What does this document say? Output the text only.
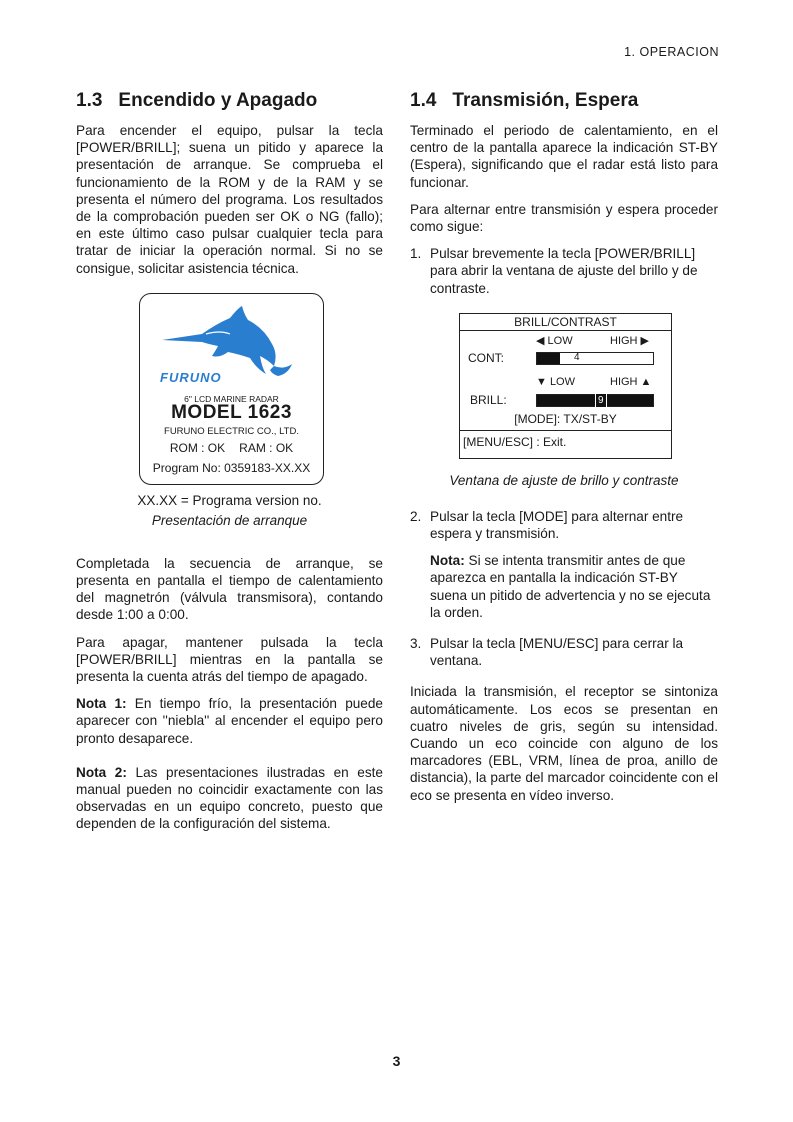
1. OPERACION
1.3 Encendido y Apagado

Para encender el equipo, pulsar la tecla [POWER/BRILL]; suena un pitido y aparece la presentación de arranque. Se comprueba el funcionamiento de la ROM y de la RAM y se presenta el número del programa. Los resultados de la comprobación pueden ser OK o NG (fallo); en este último caso pulsar cualquier tecla para tratar de iniciar la operación normal. Si no se consigue, solicitar asistencia técnica.

FURUNO
6" LCD MARINE RADAR
MODEL 1623
FURUNO ELECTRIC CO., LTD.
ROM : OK RAM : OK
Program No: 0359183-XX.XX
XX.XX = Programa version no.
Presentación de arranque

Completada la secuencia de arranque, se presenta en pantalla el tiempo de calentamiento del magnetrón (válvula transmisora), contando desde 1:00 a 0:00.

Para apagar, mantener pulsada la tecla [POWER/BRILL] mientras en la pantalla se presenta la cuenta atrás del tiempo de apagado.

Nota 1: En tiempo frío, la presentación puede aparecer con ''niebla'' al encender el equipo pero pronto desaparece.

Nota 2: Las presentaciones ilustradas en este manual pueden no coincidir exactamente con las observadas en un equipo concreto, puesto que dependen de la configuración del sistema.

1.4 Transmisión, Espera

Terminado el periodo de calentamiento, en el centro de la pantalla aparece la indicación ST-BY (Espera), significando que el radar está listo para funcionar.

Para alternar entre transmisión y espera proceder como sigue:

1. Pulsar brevemente la tecla [POWER/BRILL] para abrir la ventana de ajuste del brillo y de contraste.
BRILL/CONTRAST
◀ LOW	HIGH ▶
CONT:	4
▼ LOW	HIGH ▲
BRILL:	9
[MODE]: TX/ST-BY
[MENU/ESC] : Exit.
Ventana de ajuste de brillo y contraste
2. Pulsar la tecla [MODE] para alternar entre espera y transmisión.
Nota: Si se intenta transmitir antes de que aparezca en pantalla la indicación ST-BY suena un pitido de advertencia y no se ejecuta la orden.
3. Pulsar la tecla [MENU/ESC] para cerrar la ventana.

Iniciada la transmisión, el receptor se sintoniza automáticamente. Los ecos se presentan en cuatro niveles de gris, según su intensidad. Cuando un eco coincide con alguno de los marcadores (EBL, VRM, línea de proa, anillo de distancia), la parte del marcador coincidente con el eco se presenta en vídeo inverso.

3
